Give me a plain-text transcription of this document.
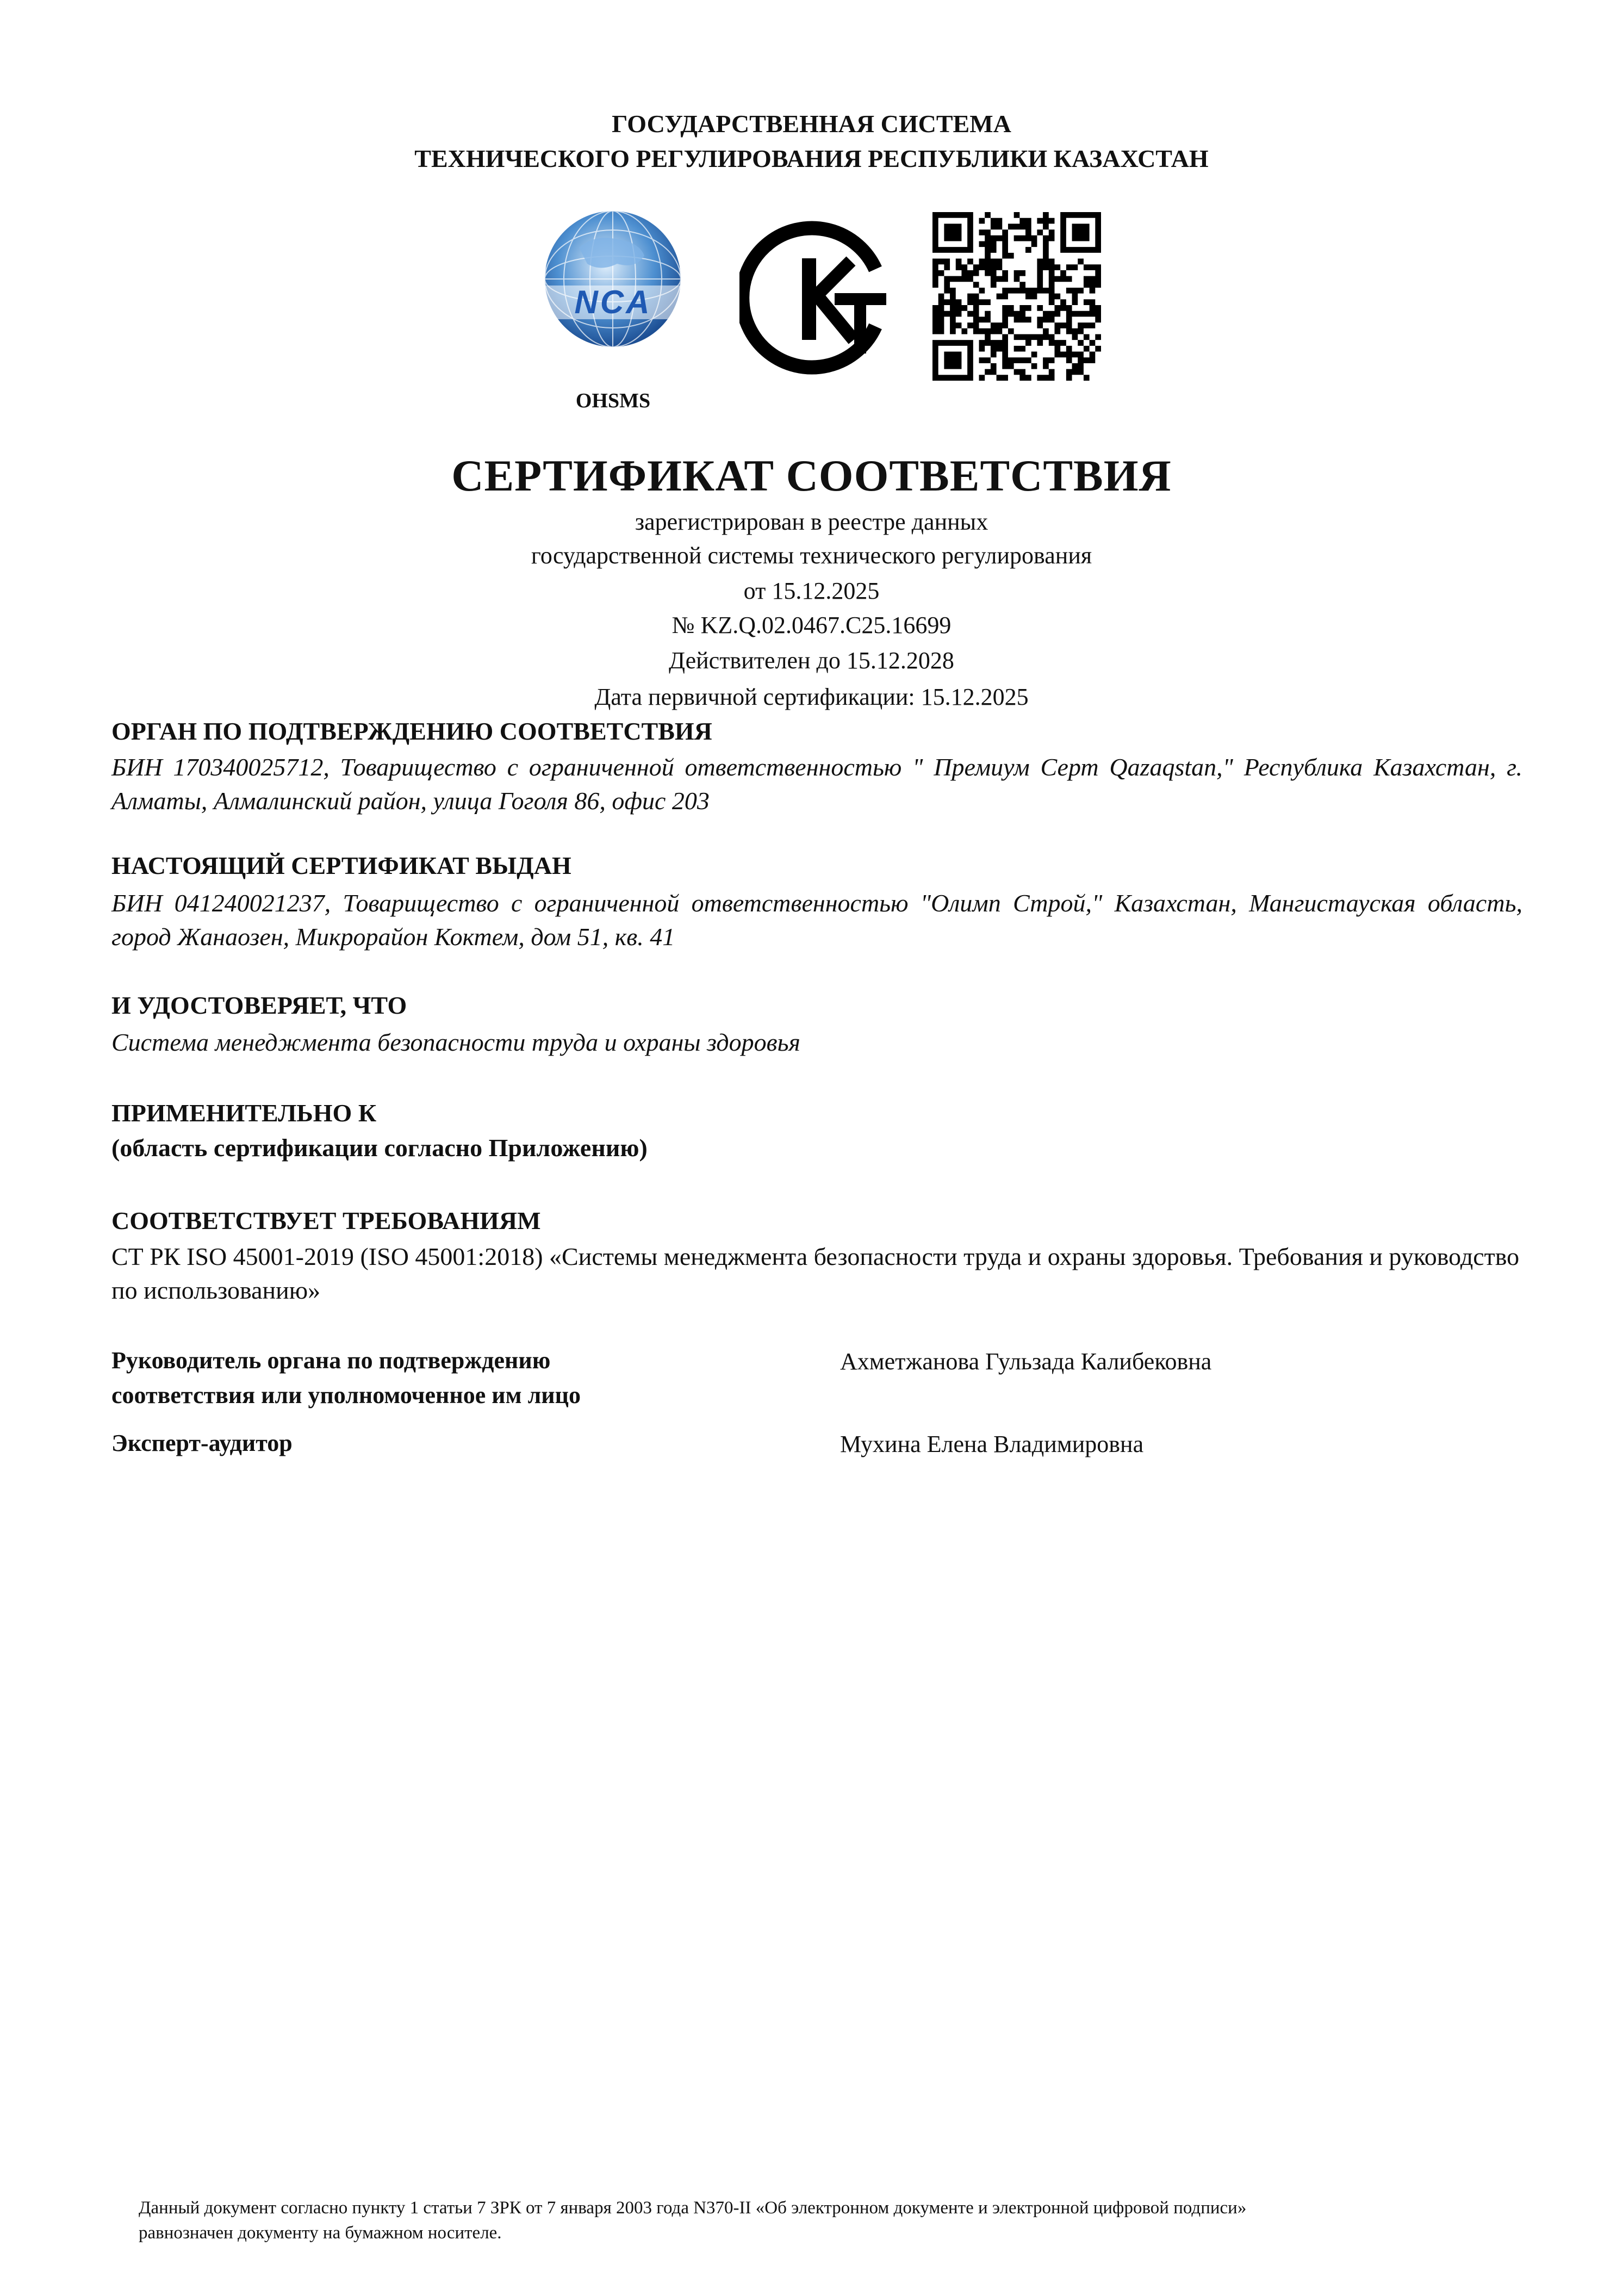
ГОСУДАРСТВЕННАЯ СИСТЕМА
ТЕХНИЧЕСКОГО РЕГУЛИРОВАНИЯ РЕСПУБЛИКИ КАЗАХСТАН
NCA
OHSMS
СЕРТИФИКАТ СООТВЕТСТВИЯ
зарегистрирован в реестре данных
государственной системы технического регулирования
от 15.12.2025
№ KZ.Q.02.0467.C25.16699
Действителен до 15.12.2028
Дата первичной сертификации: 15.12.2025
ОРГАН ПО ПОДТВЕРЖДЕНИЮ СООТВЕТСТВИЯ
БИН 170340025712, Товарищество с ограниченной ответственностью " Премиум Серт Qazaqstan," Республика Казахстан, г. Алматы, Алмалинский район, улица Гоголя 86, офис 203
НАСТОЯЩИЙ СЕРТИФИКАТ ВЫДАН
БИН 041240021237, Товарищество с ограниченной ответственностью "Олимп Строй," Казахстан, Мангистауская область, город Жанаозен, Микрорайон Коктем, дом 51, кв. 41
И УДОСТОВЕРЯЕТ, ЧТО
Система менеджмента безопасности труда и охраны здоровья
ПРИМЕНИТЕЛЬНО К
(область сертификации согласно Приложению)
СООТВЕТСТВУЕТ ТРЕБОВАНИЯМ
СТ РК ISO 45001-2019 (ISO 45001:2018) «Системы менеджмента безопасности труда и охраны здоровья. Требования и руководство по использованию»
Руководитель органа по подтверждению
соответствия или уполномоченное им лицо
Ахметжанова Гульзада Калибековна
Эксперт-аудитор	Мухина Елена Владимировна
Данный документ согласно пункту 1 статьи 7 ЗРК от 7 января 2003 года N370-II «Об электронном документе и электронной цифровой подписи»
равнозначен документу на бумажном носителе.
